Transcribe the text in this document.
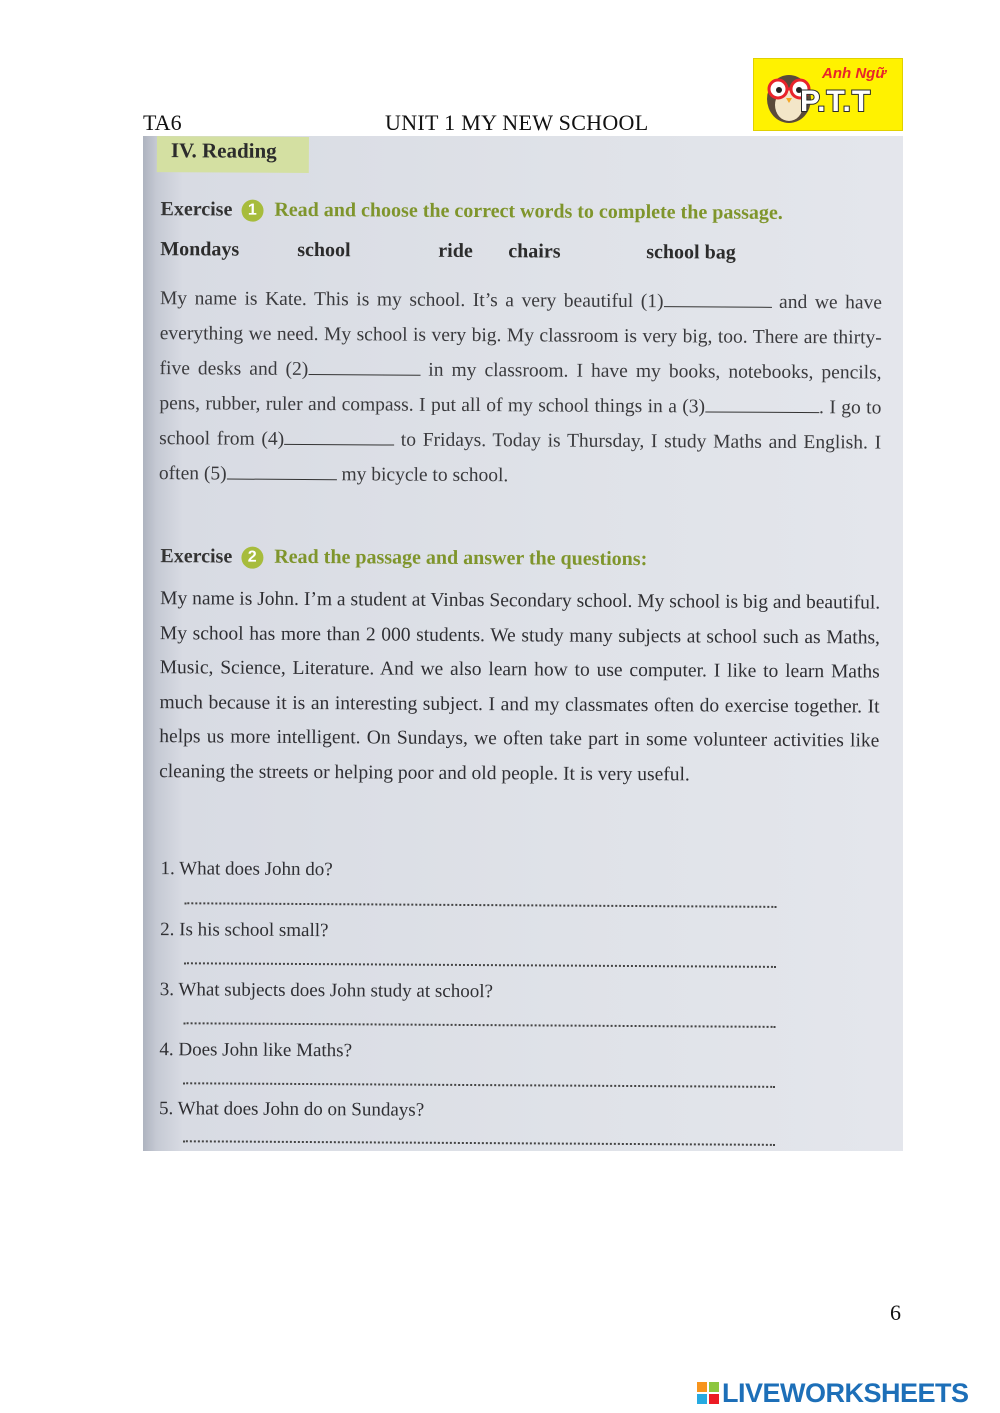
TA6	UNIT 1 MY NEW SCHOOL
Anh Ngữ
P.T.T
IV. Reading
Exercise 1 Read and choose the correct words to complete the passage.
Mondays	school	ride chairs	school bag
My name is Kate. This is my school. It’s a very beautiful (1)	and we have everything we need. My school is very big. My classroom is very big, too. There are thirty-five desks and (2)	in my classroom. I have my books, notebooks, pencils, pens, rubber, ruler and compass. I put all of my school things in a (3)	. I go to school from (4)	to Fridays. Today is Thursday, I study Maths and English. I often (5)	my bicycle to school.
Exercise 2 Read the passage and answer the questions:
My name is John. I’m a student at Vinbas Secondary school. My school is big and beautiful. My school has more than 2 000 students. We study many subjects at school such as Maths, Music, Science, Literature. And we also learn how to use computer. I like to learn Maths much because it is an interesting subject. I and my classmates often do exercise together. It helps us more intelligent. On Sundays, we often take part in some volunteer activities like cleaning the streets or helping poor and old people. It is very useful.
1. What does John do?
2. Is his school small?
3. What subjects does John study at school?
4. Does John like Maths?
5. What does John do on Sundays?
6
LIVEWORKSHEETS
